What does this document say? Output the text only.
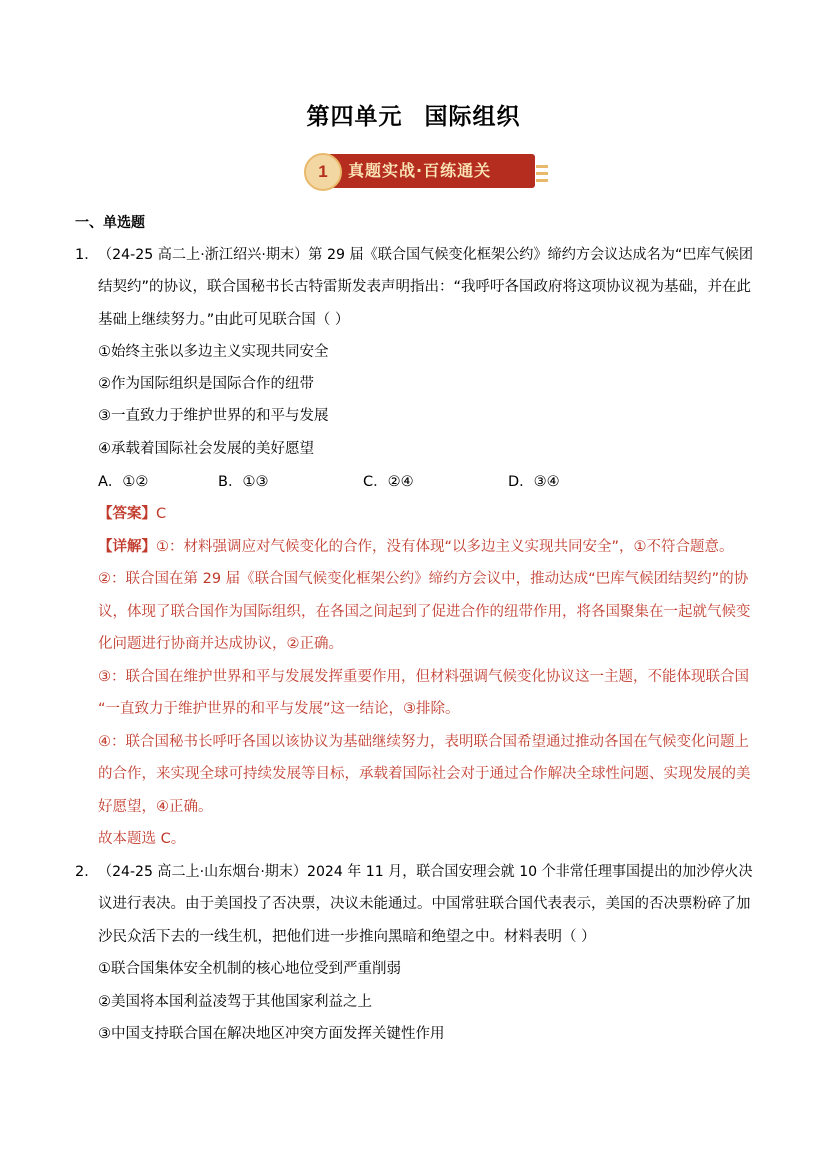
第四单元 国际组织
1	真题实战·百练通关
一、单选题
1． （24-25 高二上·浙江绍兴·期末）第 29 届《联合国气候变化框架公约》缔约方会议达成名为“巴库气候团
结契约”的协议，联合国秘书长古特雷斯发表声明指出：“我呼吁各国政府将这项协议视为基础，并在此
基础上继续努力。”由此可见联合国（ ）
①始终主张以多边主义实现共同安全
②作为国际组织是国际合作的纽带
③一直致力于维护世界的和平与发展
④承载着国际社会发展的美好愿望
A．①②	B．①③	C．②④	D．③④
【答案】C
【详解】①：材料强调应对气候变化的合作，没有体现“以多边主义实现共同安全”，①不符合题意。
②：联合国在第 29 届《联合国气候变化框架公约》缔约方会议中，推动达成“巴库气候团结契约”的协
议，体现了联合国作为国际组织，在各国之间起到了促进合作的纽带作用，将各国聚集在一起就气候变
化问题进行协商并达成协议，②正确。
③：联合国在维护世界和平与发展发挥重要作用，但材料强调气候变化协议这一主题，不能体现联合国
“一直致力于维护世界的和平与发展”这一结论，③排除。
④：联合国秘书长呼吁各国以该协议为基础继续努力，表明联合国希望通过推动各国在气候变化问题上
的合作，来实现全球可持续发展等目标，承载着国际社会对于通过合作解决全球性问题、实现发展的美
好愿望，④正确。
故本题选 C。
2． （24-25 高二上·山东烟台·期末）2024 年 11 月，联合国安理会就 10 个非常任理事国提出的加沙停火决
议进行表决。由于美国投了否决票，决议未能通过。中国常驻联合国代表表示，美国的否决票粉碎了加
沙民众活下去的一线生机，把他们进一步推向黑暗和绝望之中。材料表明（ ）
①联合国集体安全机制的核心地位受到严重削弱
②美国将本国利益凌驾于其他国家利益之上
③中国支持联合国在解决地区冲突方面发挥关键性作用
